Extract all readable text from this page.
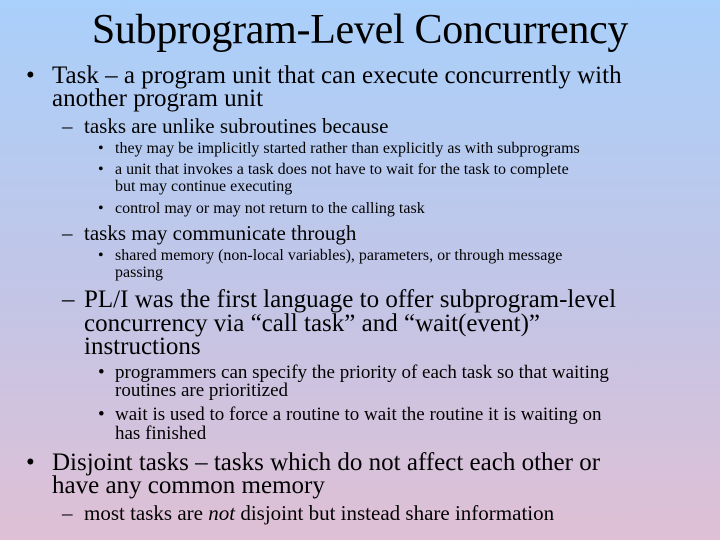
Subprogram-Level Concurrency
• Task – a program unit that can execute concurrently with
another program unit
– tasks are unlike subroutines because
• they may be implicitly started rather than explicitly as with subprograms
• a unit that invokes a task does not have to wait for the task to complete
but may continue executing
• control may or may not return to the calling task
– tasks may communicate through
• shared memory (non-local variables), parameters, or through message
passing
– PL/I was the first language to offer subprogram-level
concurrency via “call task” and “wait(event)”
instructions
• programmers can specify the priority of each task so that waiting
routines are prioritized
• wait is used to force a routine to wait the routine it is waiting on
has finished
• Disjoint tasks – tasks which do not affect each other or
have any common memory
– most tasks are not disjoint but instead share information
